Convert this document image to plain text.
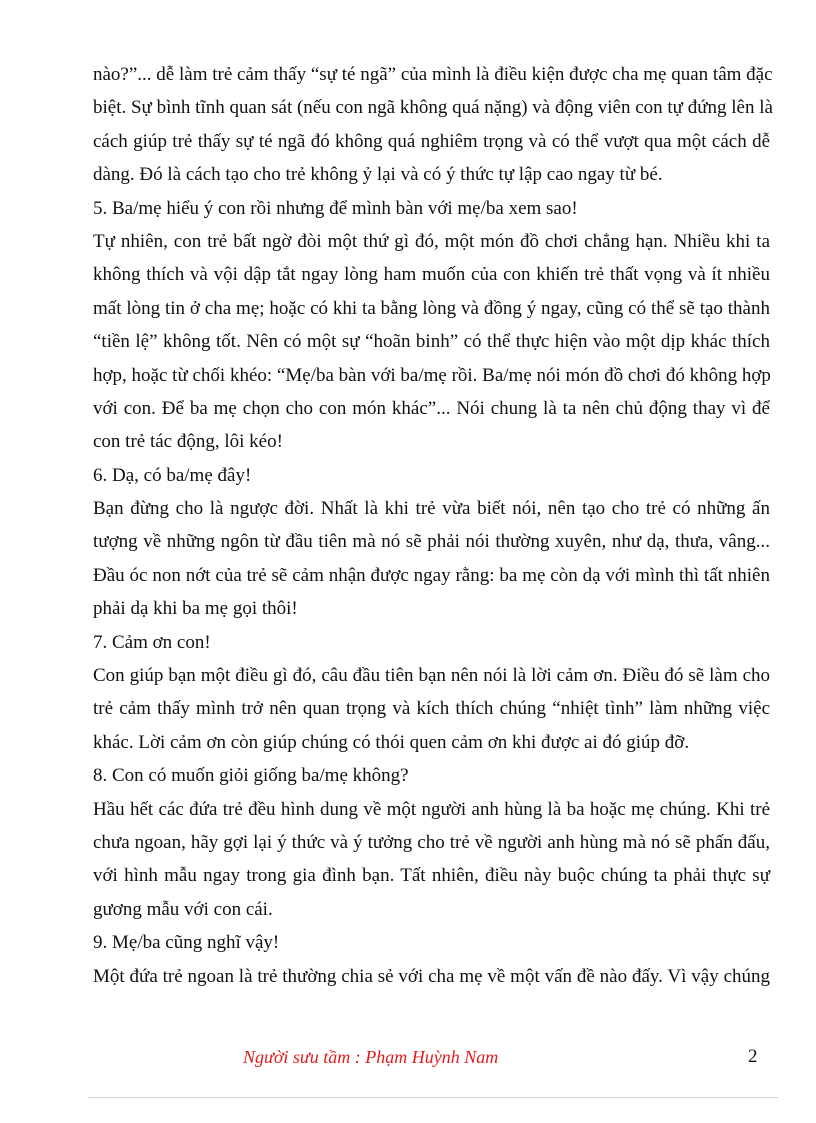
nào?”... dễ làm trẻ cảm thấy “sự té ngã” của mình là điều kiện được cha mẹ quan tâm đặc
biệt. Sự bình tĩnh quan sát (nếu con ngã không quá nặng) và động viên con tự đứng lên là
cách giúp trẻ thấy sự té ngã đó không quá nghiêm trọng và có thể vượt qua một cách dễ
dàng. Đó là cách tạo cho trẻ không ỷ lại và có ý thức tự lập cao ngay từ bé.
5. Ba/mẹ hiểu ý con rồi nhưng để mình bàn với mẹ/ba xem sao!
Tự nhiên, con trẻ bất ngờ đòi một thứ gì đó, một món đồ chơi chẳng hạn. Nhiều khi ta
không thích và vội dập tắt ngay lòng ham muốn của con khiến trẻ thất vọng và ít nhiều
mất lòng tin ở cha mẹ; hoặc có khi ta bằng lòng và đồng ý ngay, cũng có thể sẽ tạo thành
“tiền lệ” không tốt. Nên có một sự “hoãn binh” có thể thực hiện vào một dịp khác thích
hợp, hoặc từ chối khéo: “Mẹ/ba bàn với ba/mẹ rồi. Ba/mẹ nói món đồ chơi đó không hợp
với con. Để ba mẹ chọn cho con món khác”... Nói chung là ta nên chủ động thay vì để
con trẻ tác động, lôi kéo!
6. Dạ, có ba/mẹ đây!
Bạn đừng cho là ngược đời. Nhất là khi trẻ vừa biết nói, nên tạo cho trẻ có những ấn
tượng về những ngôn từ đầu tiên mà nó sẽ phải nói thường xuyên, như dạ, thưa, vâng...
Đầu óc non nớt của trẻ sẽ cảm nhận được ngay rằng: ba mẹ còn dạ với mình thì tất nhiên
phải dạ khi ba mẹ gọi thôi!
7. Cảm ơn con!
Con giúp bạn một điều gì đó, câu đầu tiên bạn nên nói là lời cảm ơn. Điều đó sẽ làm cho
trẻ cảm thấy mình trở nên quan trọng và kích thích chúng “nhiệt tình” làm những việc
khác. Lời cảm ơn còn giúp chúng có thói quen cảm ơn khi được ai đó giúp đỡ.
8. Con có muốn giỏi giống ba/mẹ không?
Hầu hết các đứa trẻ đều hình dung về một người anh hùng là ba hoặc mẹ chúng. Khi trẻ
chưa ngoan, hãy gợi lại ý thức và ý tưởng cho trẻ về người anh hùng mà nó sẽ phấn đấu,
với hình mẫu ngay trong gia đình bạn. Tất nhiên, điều này buộc chúng ta phải thực sự
gương mẫu với con cái.
9. Mẹ/ba cũng nghĩ vậy!
Một đứa trẻ ngoan là trẻ thường chia sẻ với cha mẹ về một vấn đề nào đấy. Vì vậy chúng
Người sưu tầm : Phạm Huỳnh Nam	2
